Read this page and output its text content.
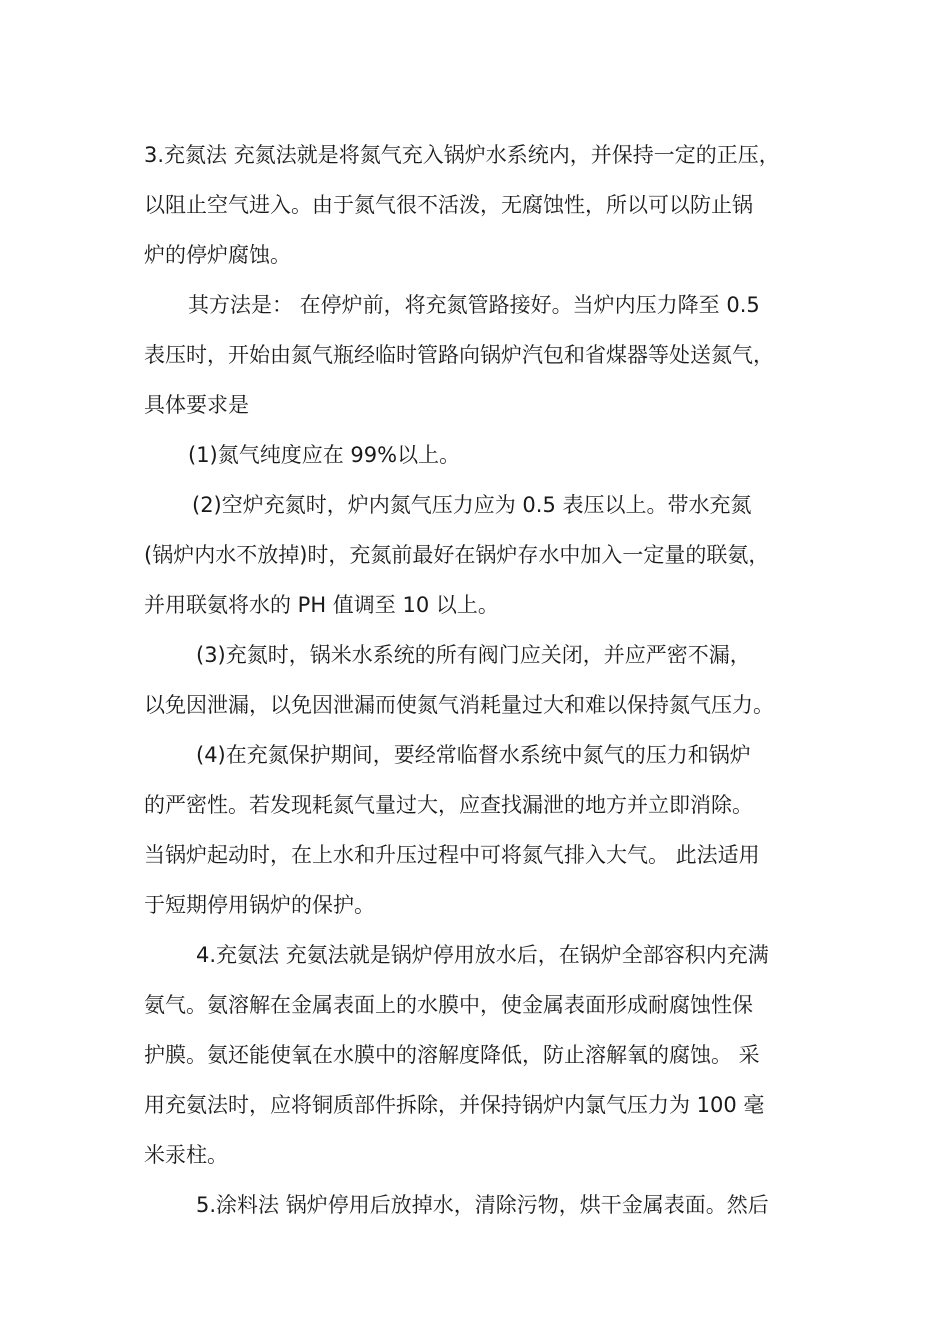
3.充氮法 充氮法就是将氮气充入锅炉水系统内，并保持一定的正压，
以阻止空气进入。由于氮气很不活泼，无腐蚀性，所以可以防止锅
炉的停炉腐蚀。
其方法是： 在停炉前，将充氮管路接好。当炉内压力降至 0.5
表压时，开始由氮气瓶经临时管路向锅炉汽包和省煤器等处送氮气，
具体要求是
(1)氮气纯度应在 99%以上。
(2)空炉充氮时，炉内氮气压力应为 0.5 表压以上。带水充氮
(锅炉内水不放掉)时，充氮前最好在锅炉存水中加入一定量的联氨，
并用联氨将水的 PH 值调至 10 以上。
(3)充氮时，锅米水系统的所有阀门应关闭，并应严密不漏，
以免因泄漏，以免因泄漏而使氮气消耗量过大和难以保持氮气压力。
(4)在充氮保护期间，要经常临督水系统中氮气的压力和锅炉
的严密性。若发现耗氮气量过大，应查找漏泄的地方并立即消除。
当锅炉起动时，在上水和升压过程中可将氮气排入大气。 此法适用
于短期停用锅炉的保护。
4.充氨法 充氨法就是锅炉停用放水后，在锅炉全部容积内充满
氨气。氨溶解在金属表面上的水膜中，使金属表面形成耐腐蚀性保
护膜。氨还能使氧在水膜中的溶解度降低，防止溶解氧的腐蚀。 采
用充氨法时，应将铜质部件拆除，并保持锅炉内氯气压力为 100 毫
米汞柱。
5.涂料法 锅炉停用后放掉水，清除污物，烘干金属表面。然后
